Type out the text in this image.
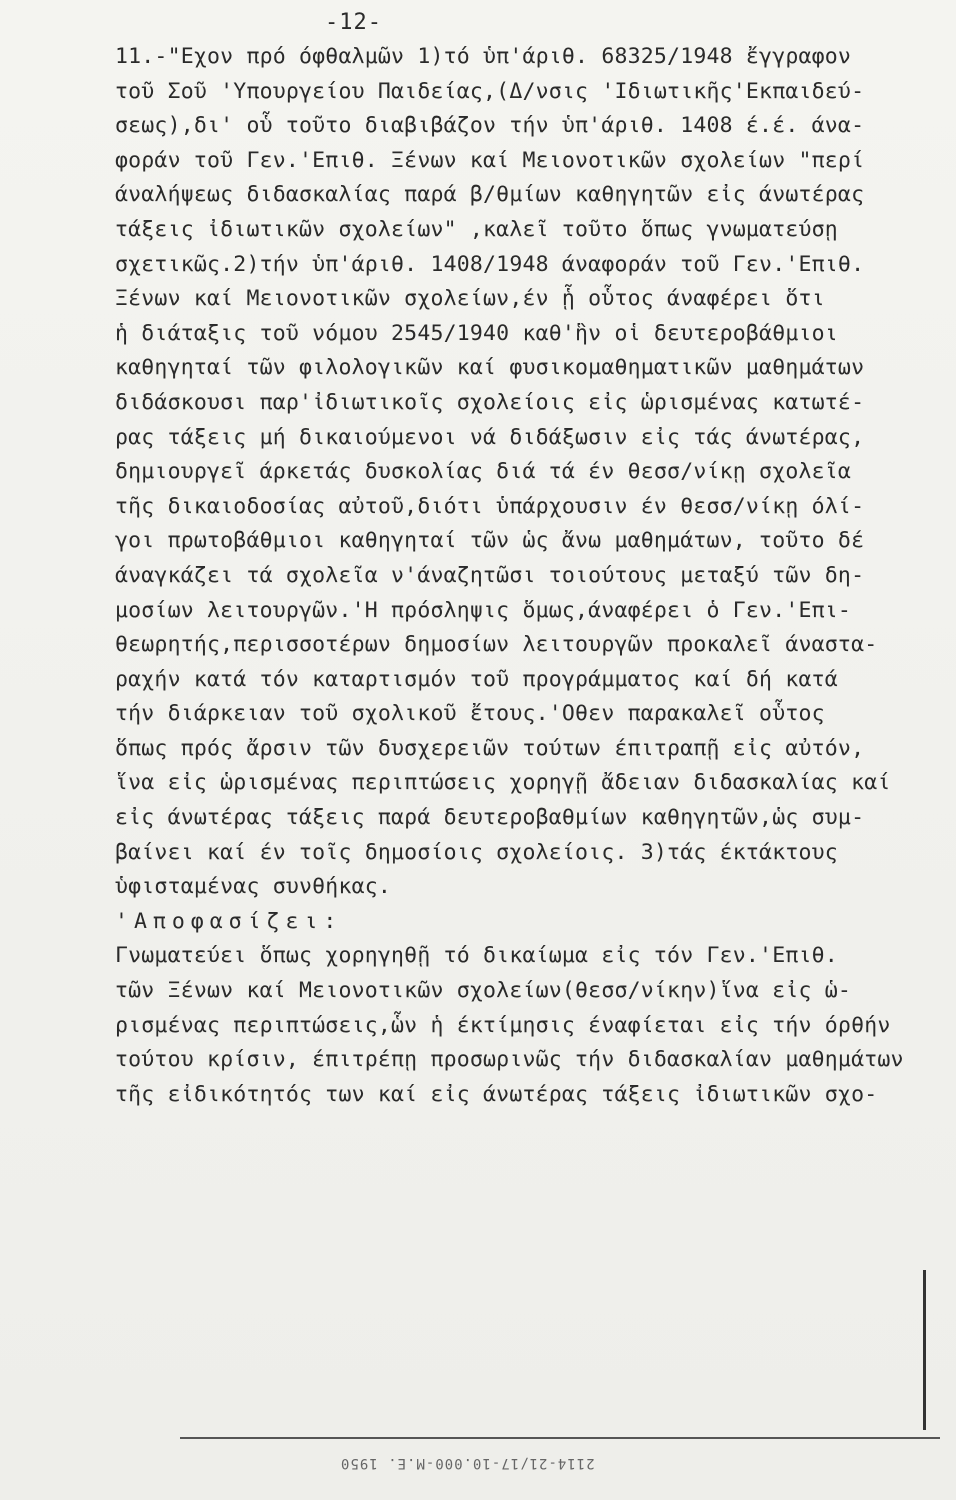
-12-
11.-"Εχον πρό όφθαλμῶν 1)τό ὑπ'άριθ. 68325/1948 ἔγγραφον
τοῦ Σοῦ 'Υπουργείου Παιδείας,(Δ/νσις 'Ιδιωτικῆς'Εκπαιδεύ-
σεως),δι' οὗ τοῦτο διαβιβάζον τήν ὑπ'άριθ. 1408 έ.έ. άνα-
φοράν τοῦ Γεν.'Επιθ. Ξένων καί Μειονοτικῶν σχολείων "περί
άναλήψεως διδασκαλίας παρά β/θμίων καθηγητῶν εἰς άνωτέρας
τάξεις ἰδιωτικῶν σχολείων" ,καλεῖ τοῦτο ὅπως γνωματεύσῃ
σχετικῶς.2)τήν ὑπ'άριθ. 1408/1948 άναφοράν τοῦ Γεν.'Επιθ.
Ξένων καί Μειονοτικῶν σχολείων,έν ᾗ οὗτος άναφέρει ὅτι
ἡ διάταξις τοῦ νόμου 2545/1940 καθ'ἣν οἱ δευτεροβάθμιοι
καθηγηταί τῶν φιλολογικῶν καί φυσικομαθηματικῶν μαθημάτων
διδάσκουσι παρ'ἰδιωτικοῖς σχολείοις εἰς ὡρισμένας κατωτέ-
ρας τάξεις μή δικαιούμενοι νά διδάξωσιν εἰς τάς άνωτέρας,
δημιουργεῖ άρκετάς δυσκολίας διά τά έν θεσσ/νίκῃ σχολεῖα
τῆς δικαιοδοσίας αὐτοῦ,διότι ὑπάρχουσιν έν θεσσ/νίκῃ όλί-
γοι πρωτοβάθμιοι καθηγηταί τῶν ὡς ἄνω μαθημάτων, τοῦτο δέ
άναγκάζει τά σχολεῖα ν'άναζητῶσι τοιούτους μεταξύ τῶν δη-
μοσίων λειτουργῶν.'Η πρόσληψις ὅμως,άναφέρει ὁ Γεν.'Επι-
θεωρητής,περισσοτέρων δημοσίων λειτουργῶν προκαλεῖ άναστα-
ραχήν κατά τόν καταρτισμόν τοῦ προγράμματος καί δή κατά
τήν διάρκειαν τοῦ σχολικοῦ ἔτους.'Οθεν παρακαλεῖ οὗτος
ὅπως πρός ἄρσιν τῶν δυσχερειῶν τούτων έπιτραπῇ εἰς αὐτόν,
ἵνα εἰς ὡρισμένας περιπτώσεις χορηγῇ ἄδειαν διδασκαλίας καί
εἰς άνωτέρας τάξεις παρά δευτεροβαθμίων καθηγητῶν,ὡς συμ-
βαίνει καί έν τοῖς δημοσίοις σχολείοις. 3)τάς έκτάκτους
ὑφισταμένας συνθήκας.
'Αποφασίζει:
Γνωματεύει ὅπως χορηγηθῇ τό δικαίωμα εἰς τόν Γεν.'Επιθ.
τῶν Ξένων καί Μειονοτικῶν σχολείων(θεσσ/νίκην)ἵνα εἰς ὡ-
ρισμένας περιπτώσεις,ὧν ἡ έκτίμησις έναφίεται εἰς τήν όρθήν
τούτου κρίσιν, έπιτρέπῃ προσωρινῶς τήν διδασκαλίαν μαθημάτων
τῆς εἰδικότητός των καί εἰς άνωτέρας τάξεις ἰδιωτικῶν σχο-
2114-21/17-10.000-M.E. 1950
